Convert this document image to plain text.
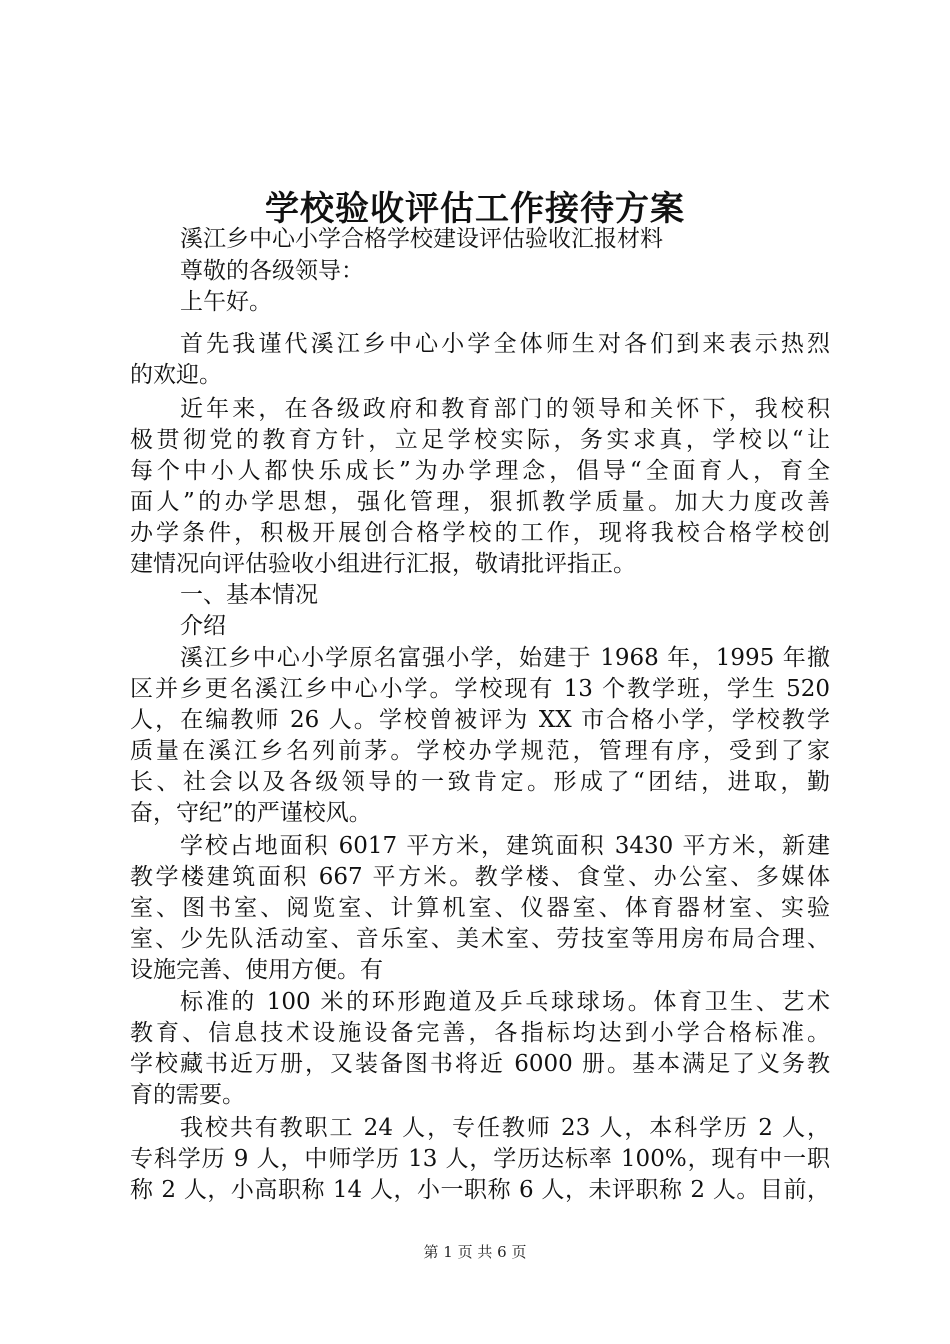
学校验收评估工作接待方案
溪江乡中心小学合格学校建设评估验收汇报材料
尊敬的各级领导：
上午好。
首先我谨代溪江乡中心小学全体师生对各们到来表示热烈
的欢迎。
近年来，在各级政府和教育部门的领导和关怀下，我校积
极贯彻党的教育方针，立足学校实际，务实求真，学校以“让
每个中小人都快乐成长”为办学理念，倡导“全面育人，育全
面人”的办学思想，强化管理，狠抓教学质量。加大力度改善
办学条件，积极开展创合格学校的工作，现将我校合格学校创
建情况向评估验收小组进行汇报，敬请批评指正。
一、基本情况
介绍
溪江乡中心小学原名富强小学，始建于 1968 年，1995 年撤
区并乡更名溪江乡中心小学。学校现有 13 个教学班，学生 520
人，在编教师 26 人。学校曾被评为 XX 市合格小学，学校教学
质量在溪江乡名列前茅。学校办学规范，管理有序，受到了家
长、社会以及各级领导的一致肯定。形成了“团结，进取，勤
奋，守纪”的严谨校风。
学校占地面积 6017 平方米，建筑面积 3430 平方米，新建
教学楼建筑面积 667 平方米。教学楼、食堂、办公室、多媒体
室、图书室、阅览室、计算机室、仪器室、体育器材室、实验
室、少先队活动室、音乐室、美术室、劳技室等用房布局合理、
设施完善、使用方便。有
标准的 100 米的环形跑道及乒乓球球场。体育卫生、艺术
教育、信息技术设施设备完善，各指标均达到小学合格标准。
学校藏书近万册，又装备图书将近 6000 册。基本满足了义务教
育的需要。
我校共有教职工 24 人，专任教师 23 人，本科学历 2 人，
专科学历 9 人，中师学历 13 人，学历达标率 100%，现有中一职
称 2 人，小高职称 14 人，小一职称 6 人，未评职称 2 人。目前，
第 1 页 共 6 页
